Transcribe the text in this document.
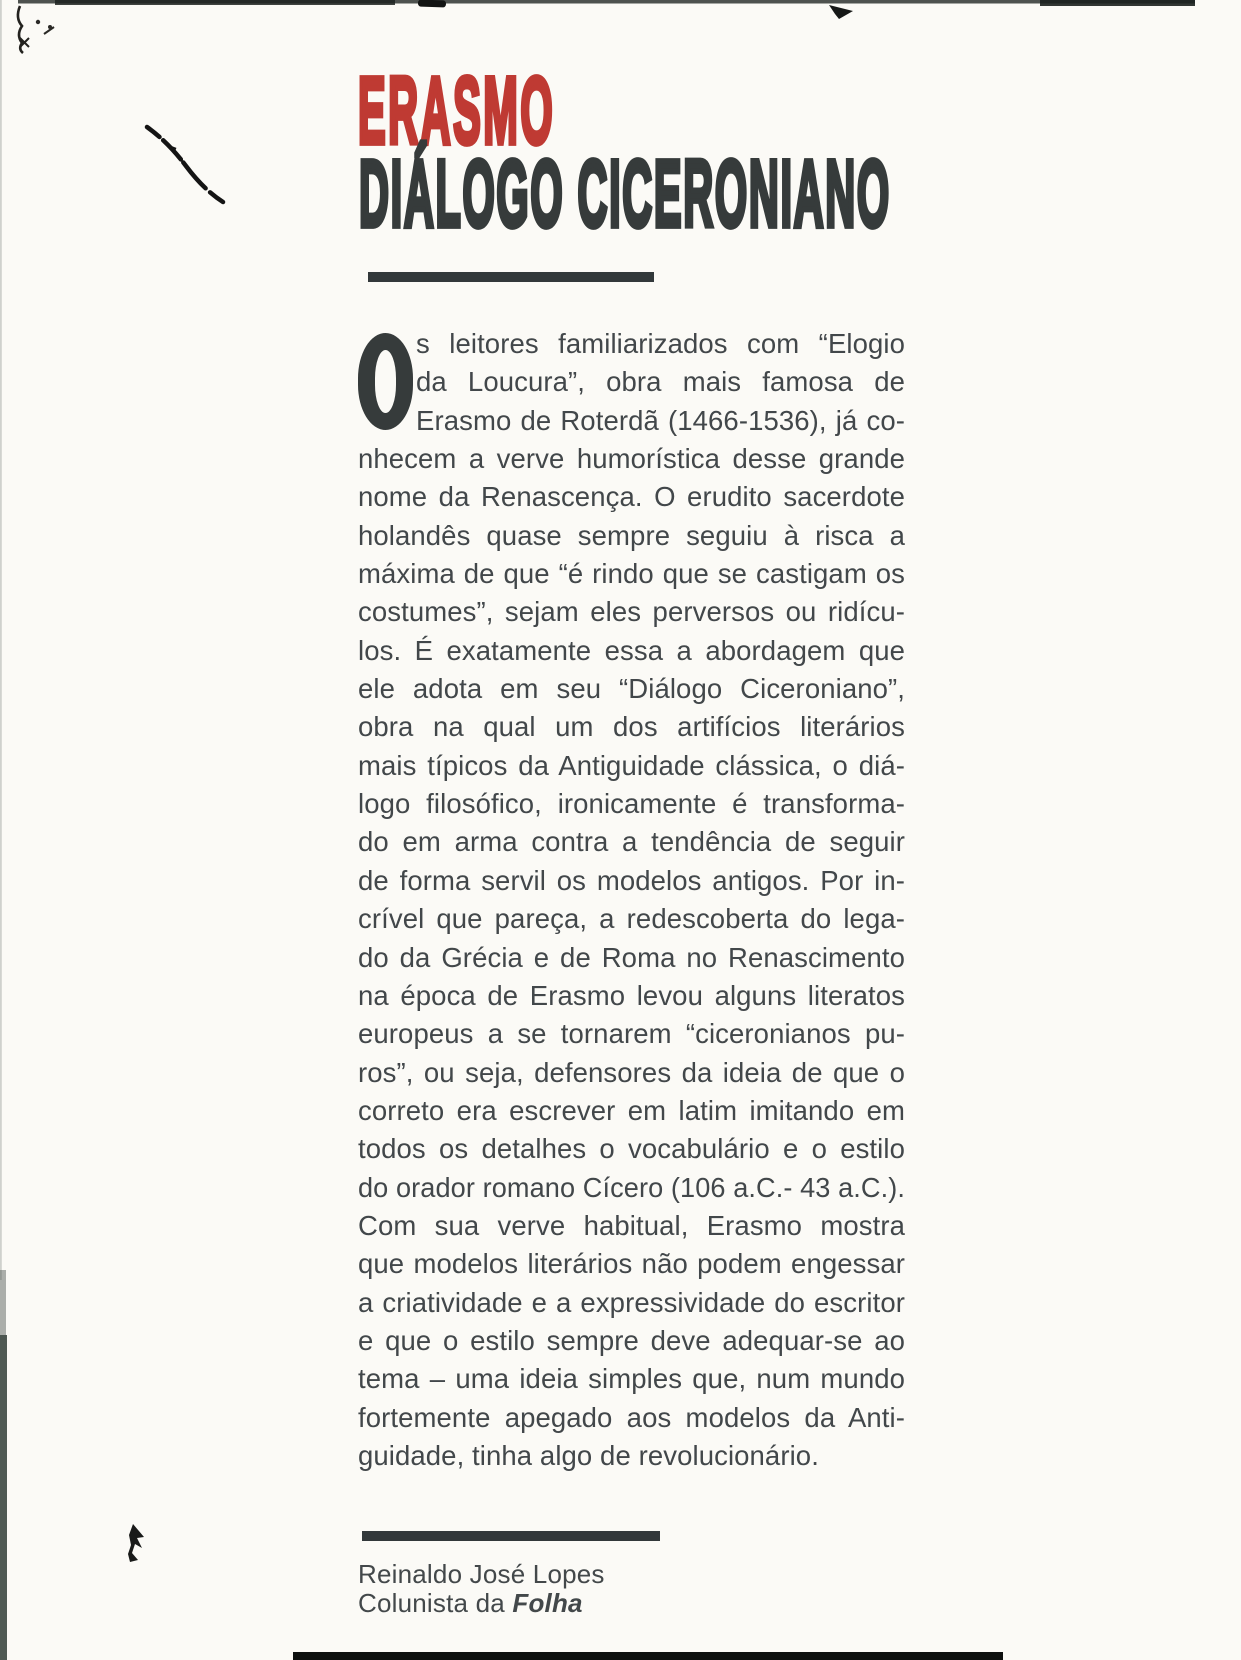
ERASMO
DIÁLOGO CICERONIANO
s leitores familiarizados com “Elogio
da Loucura”, obra mais famosa de
Erasmo de Roterdã (1466-1536), já co-
nhecem a verve humorística desse grande
nome da Renascença. O erudito sacerdote
holandês quase sempre seguiu à risca a
máxima de que “é rindo que se castigam os
costumes”, sejam eles perversos ou ridícu-
los. É exatamente essa a abordagem que
ele adota em seu “Diálogo Ciceroniano”,
obra na qual um dos artifícios literários
mais típicos da Antiguidade clássica, o diá-
logo filosófico, ironicamente é transforma-
do em arma contra a tendência de seguir
de forma servil os modelos antigos. Por in-
crível que pareça, a redescoberta do lega-
do da Grécia e de Roma no Renascimento
na época de Erasmo levou alguns literatos
europeus a se tornarem “ciceronianos pu-
ros”, ou seja, defensores da ideia de que o
correto era escrever em latim imitando em
todos os detalhes o vocabulário e o estilo
do orador romano Cícero (106 a.C.- 43 a.C.).
Com sua verve habitual, Erasmo mostra
que modelos literários não podem engessar
a criatividade e a expressividade do escritor
e que o estilo sempre deve adequar-se ao
tema – uma ideia simples que, num mundo
fortemente apegado aos modelos da Anti-
guidade, tinha algo de revolucionário.
Reinaldo José Lopes
Colunista da Folha
